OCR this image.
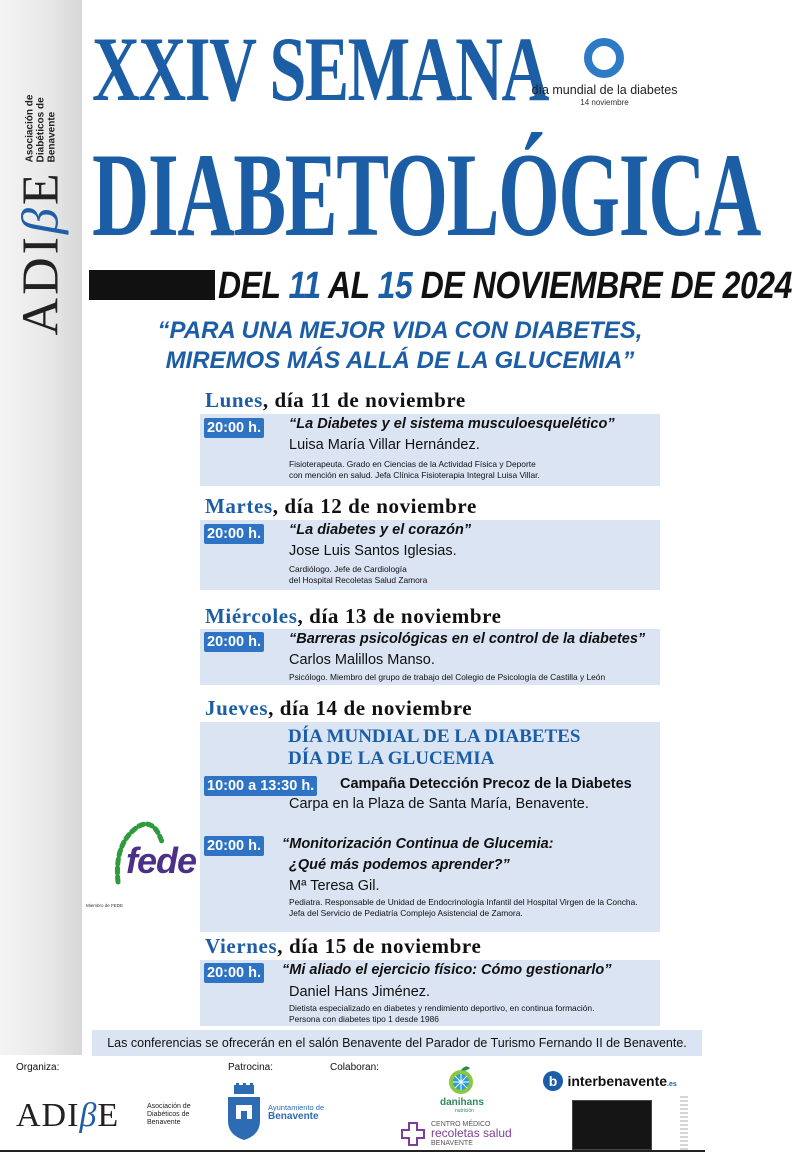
ADIβE
Asociación de
Diabéticos de
Benavente
XXIV SEMANA
DIABETOLÓGICA
día mundial de la diabetes
14 noviembre
DEL 11 AL 15 DE NOVIEMBRE DE 2024
“PARA UNA MEJOR VIDA CON DIABETES,
MIREMOS MÁS ALLÁ DE LA GLUCEMIA”
Lunes, día 11 de noviembre
20:00 h. “La Diabetes y el sistema musculoesquelético”
Luisa María Villar Hernández.
Fisioterapeuta. Grado en Ciencias de la Actividad Física y Deporte
con mención en salud. Jefa Clínica Fisioterapia Integral Luisa Villar.
Martes, día 12 de noviembre
20:00 h. “La diabetes y el corazón”
Jose Luis Santos Iglesias.
Cardiólogo. Jefe de Cardiología
del Hospital Recoletas Salud Zamora
Miércoles, día 13 de noviembre
20:00 h. “Barreras psicológicas en el control de la diabetes”
Carlos Malillos Manso.
Psicólogo. Miembro del grupo de trabajo del Colegio de Psicología de Castilla y León
Jueves, día 14 de noviembre
DÍA MUNDIAL DE LA DIABETES
DÍA DE LA GLUCEMIA
10:00 a 13:30 h. Campaña Detección Precoz de la Diabetes
Carpa en la Plaza de Santa María, Benavente.
20:00 h. “Monitorización Continua de Glucemia:
¿Qué más podemos aprender?”
Mª Teresa Gil.
Pediatra. Responsable de Unidad de Endocrinología Infantil del Hospital Virgen de la Concha.
Jefa del Servicio de Pediatría Complejo Asistencial de Zamora.
fede
Miembro de FEDE
Viernes, día 15 de noviembre
20:00 h. “Mi aliado el ejercicio físico: Cómo gestionarlo”
Daniel Hans Jiménez.
Dietista especializado en diabetes y rendimiento deportivo, en continua formación.
Persona con diabetes tipo 1 desde 1986
Las conferencias se ofrecerán en el salón Benavente del Parador de Turismo Fernando II de Benavente.
Organiza:	Patrocina:	Colaboran:
ADIβE	Asociación de
Diabéticos de
Benavente
Ayuntamiento de
Benavente
danihans
nutrición
CENTRO MÉDICO
recoletas salud
BENAVENTE
b interbenavente.es
